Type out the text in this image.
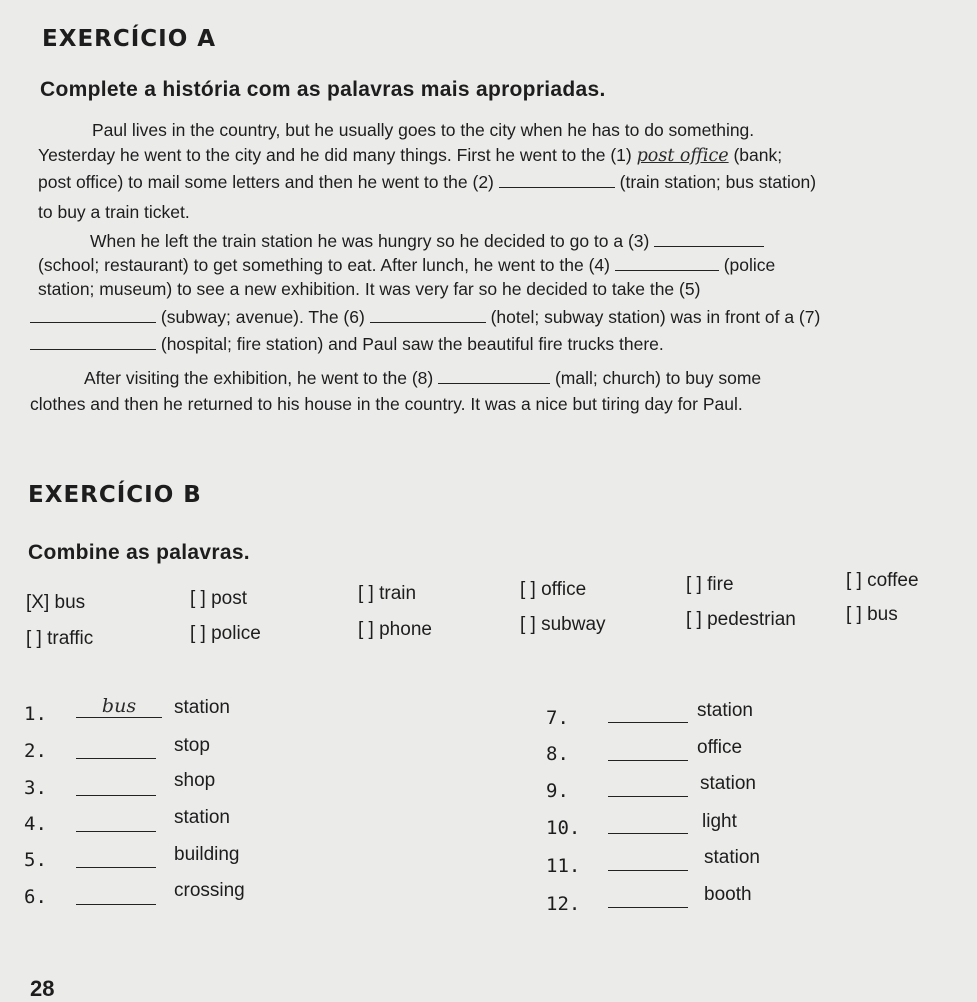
EXERCÍCIO A
Complete a história com as palavras mais apropriadas.
Paul lives in the country, but he usually goes to the city when he has to do something.
Yesterday he went to the city and he did many things. First he went to the (1) post office (bank;
post office) to mail some letters and then he went to the (2)	(train station; bus station)
to buy a train ticket.
When he left the train station he was hungry so he decided to go to a (3)
(school; restaurant) to get something to eat. After lunch, he went to the (4)	(police
station; museum) to see a new exhibition. It was very far so he decided to take the (5)
(subway; avenue). The (6)	(hotel; subway station) was in front of a (7)
(hospital; fire station) and Paul saw the beautiful fire trucks there.
After visiting the exhibition, he went to the (8)	(mall; church) to buy some
clothes and then he returned to his house in the country. It was a nice but tiring day for Paul.
EXERCÍCIO B
Combine as palavras.
[X] bus	[ ] post	[ ] train	[ ] office	[ ] fire	[ ] coffee
[ ] traffic	[ ] police	[ ] phone	[ ] subway	[ ] pedestrian	[ ] bus
1.	bus	station
2.	stop
3.	shop
4.	station
5.	building
6.	crossing
7.	station
8.	office
9.	station
10.	light
11.	station
12.	booth
28
